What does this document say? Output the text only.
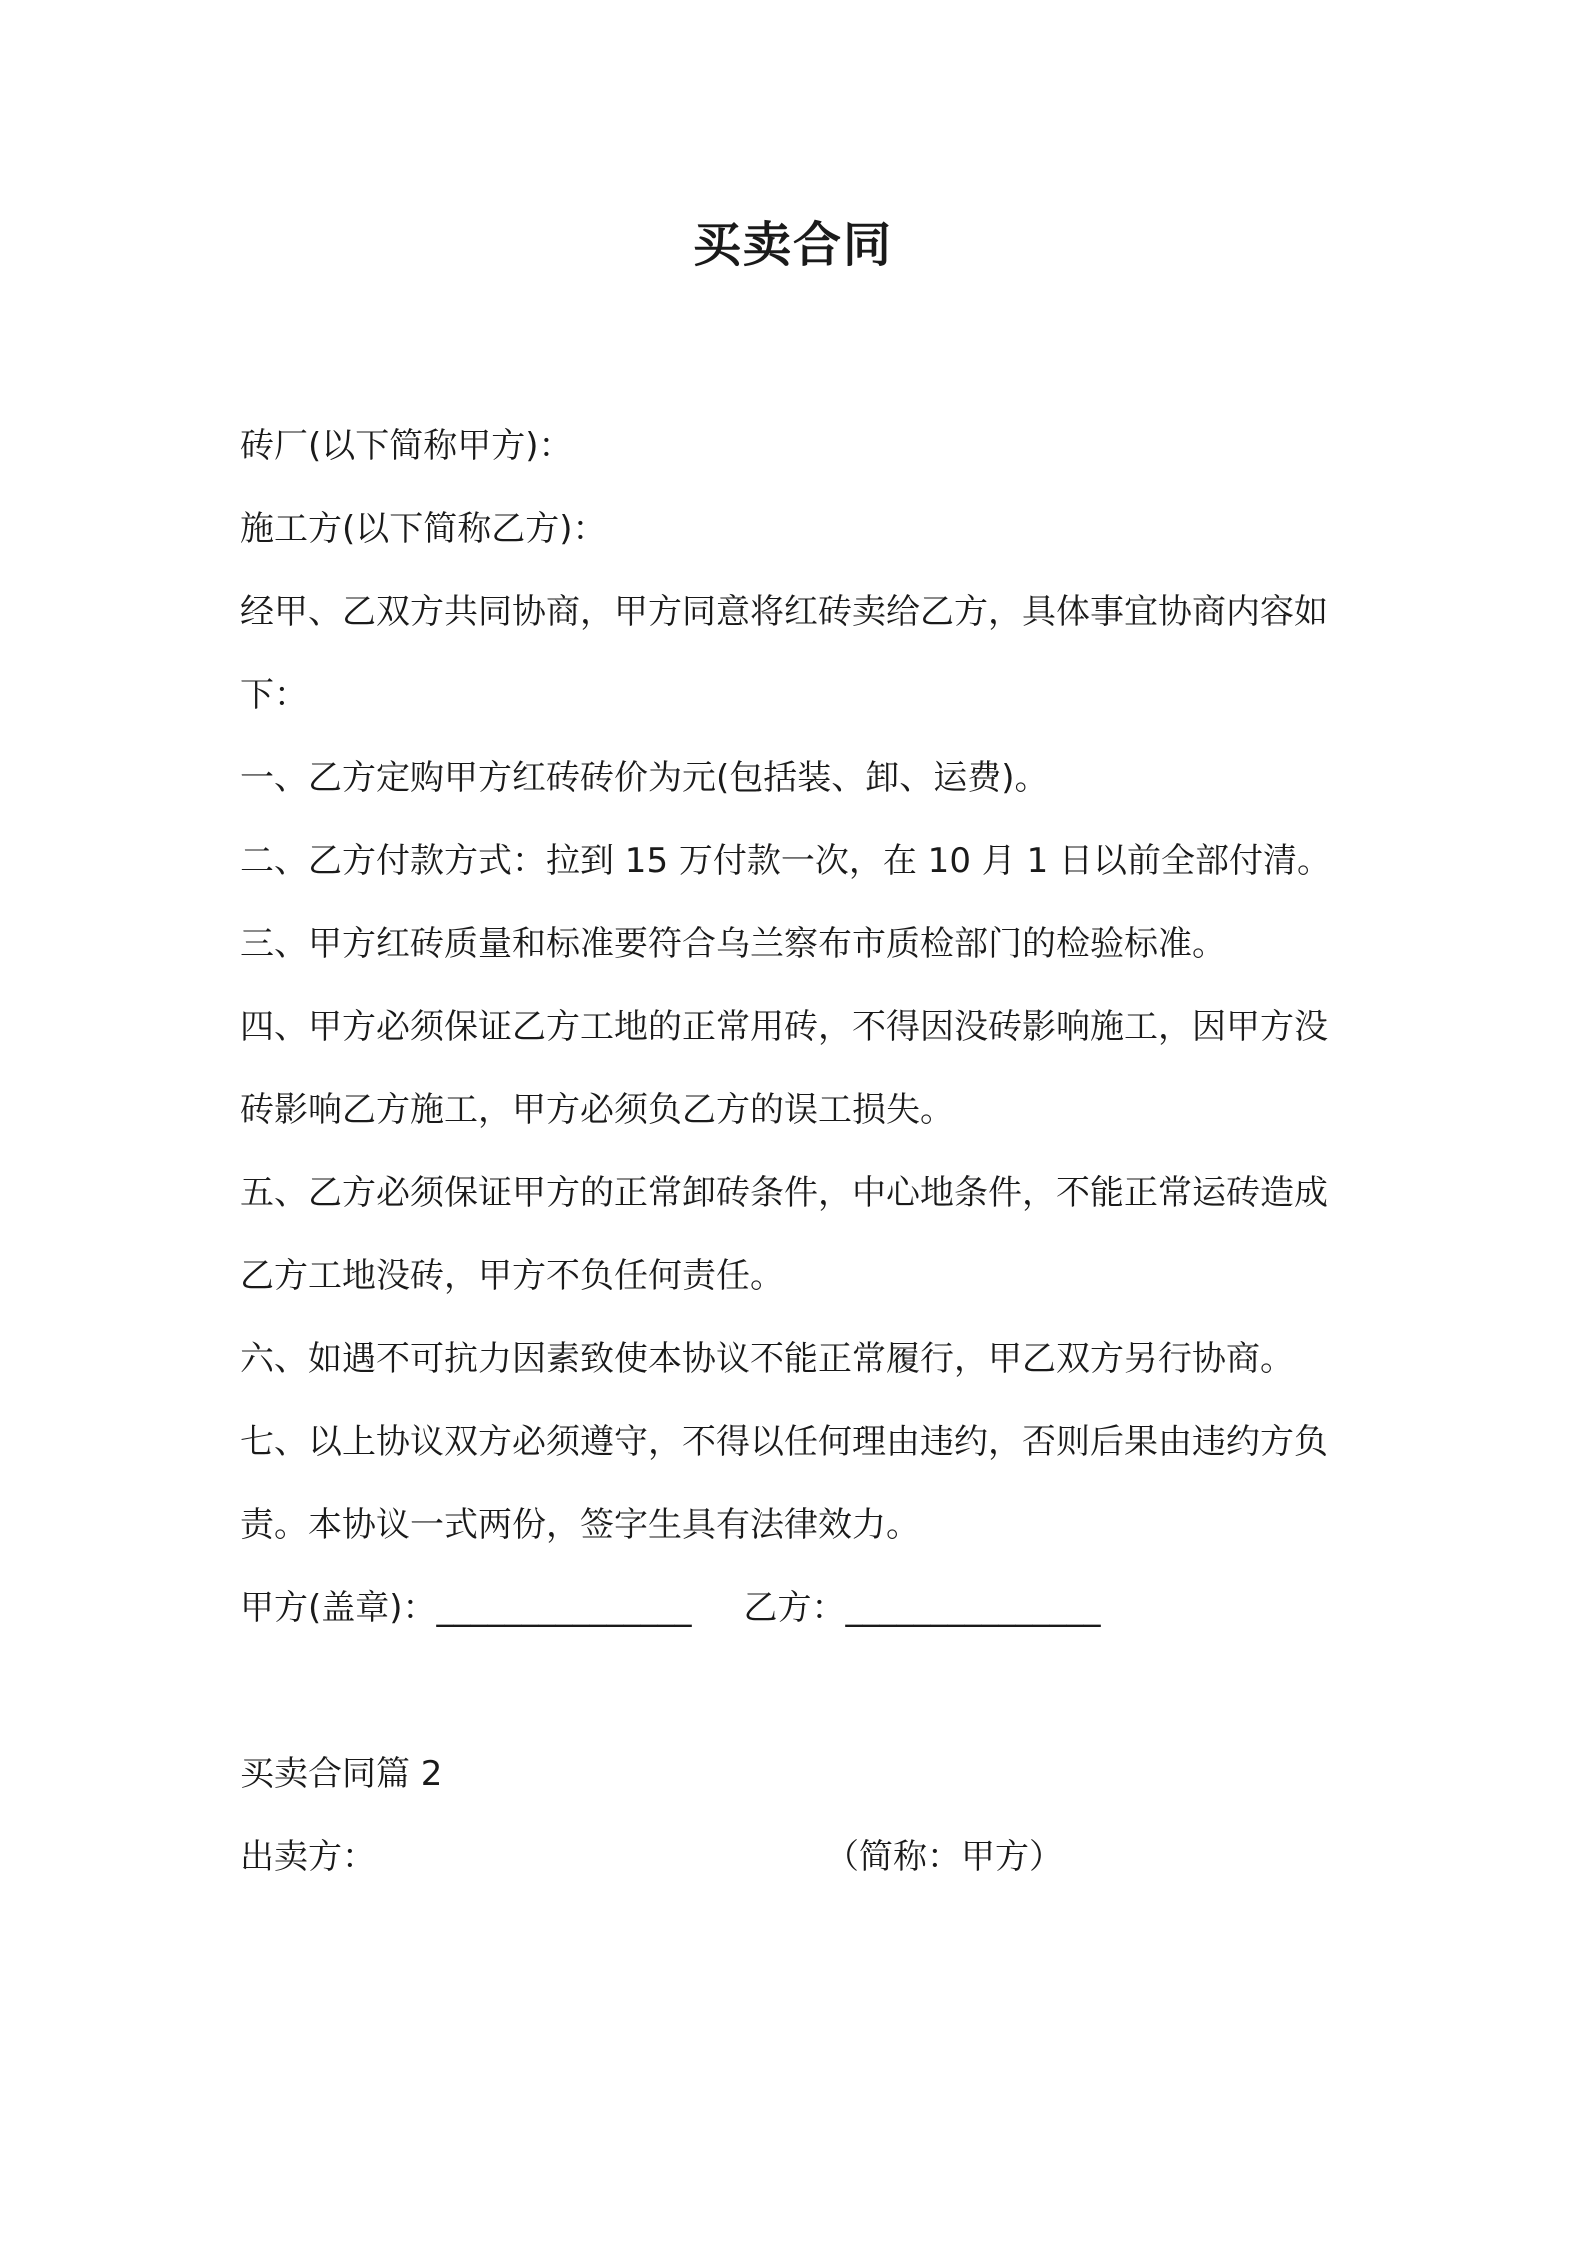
买卖合同

砖厂(以下简称甲方)：

施工方(以下简称乙方)：

经甲、乙双方共同协商，甲方同意将红砖卖给乙方，具体事宜协商内容如下：

一、乙方定购甲方红砖砖价为元(包括装、卸、运费)。

二、乙方付款方式：拉到 15 万付款一次，在 10 月 1 日以前全部付清。

三、甲方红砖质量和标准要符合乌兰察布市质检部门的检验标准。

四、甲方必须保证乙方工地的正常用砖，不得因没砖影响施工，因甲方没砖影响乙方施工，甲方必须负乙方的误工损失。

五、乙方必须保证甲方的正常卸砖条件，中心地条件，不能正常运砖造成乙方工地没砖，甲方不负任何责任。

六、如遇不可抗力因素致使本协议不能正常履行，甲乙双方另行协商。

七、以上协议双方必须遵守，不得以任何理由违约，否则后果由违约方负责。本协议一式两份，签字生具有法律效力。

甲方(盖章)：_______________ 乙方：_______________

买卖合同篇 2

出卖方：	（简称：甲方）
